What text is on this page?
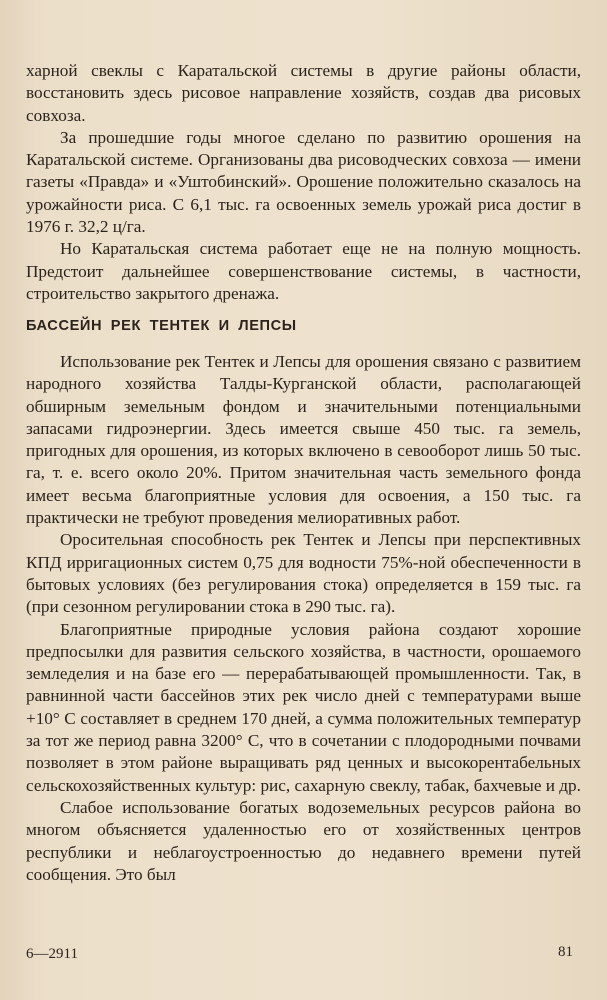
харной свеклы с Каратальской системы в другие районы области, восстановить здесь рисовое направление хозяйств, создав два рисовых совхоза.

За прошедшие годы многое сделано по развитию орошения на Каратальской системе. Организованы два рисоводческих совхоза — имени газеты «Правда» и «Уштобинский». Орошение положительно сказалось на урожайности риса. С 6,1 тыс. га освоенных земель урожай риса достиг в 1976 г. 32,2 ц/га.

Но Каратальская система работает еще не на полную мощность. Предстоит дальнейшее совершенствование системы, в частности, строительство закрытого дренажа.

БАССЕЙН РЕК ТЕНТЕК И ЛЕПСЫ

Использование рек Тентек и Лепсы для орошения связано с развитием народного хозяйства Талды-Курганской области, располагающей обширным земельным фондом и значительными потенциальными запасами гидроэнергии. Здесь имеется свыше 450 тыс. га земель, пригодных для орошения, из которых включено в севооборот лишь 50 тыс. га, т. е. всего около 20%. Притом значительная часть земельного фонда имеет весьма благоприятные условия для освоения, а 150 тыс. га практически не требуют проведения мелиоративных работ.

Оросительная способность рек Тентек и Лепсы при перспективных КПД ирригационных систем 0,75 для водности 75%-ной обеспеченности в бытовых условиях (без регулирования стока) определяется в 159 тыс. га (при сезонном регулировании стока в 290 тыс. га).

Благоприятные природные условия района создают хорошие предпосылки для развития сельского хозяйства, в частности, орошаемого земледелия и на базе его — перерабатывающей промышленности. Так, в равнинной части бассейнов этих рек число дней с температурами выше +10° С составляет в среднем 170 дней, а сумма положительных температур за тот же период равна 3200° С, что в сочетании с плодородными почвами позволяет в этом районе выращивать ряд ценных и высокорентабельных сельскохозяйственных культур: рис, сахарную свеклу, табак, бахчевые и др.

Слабое использование богатых водоземельных ресурсов района во многом объясняется удаленностью его от хозяйственных центров республики и неблагоустроенностью до недавнего времени путей сообщения. Это был

6—2911	81
